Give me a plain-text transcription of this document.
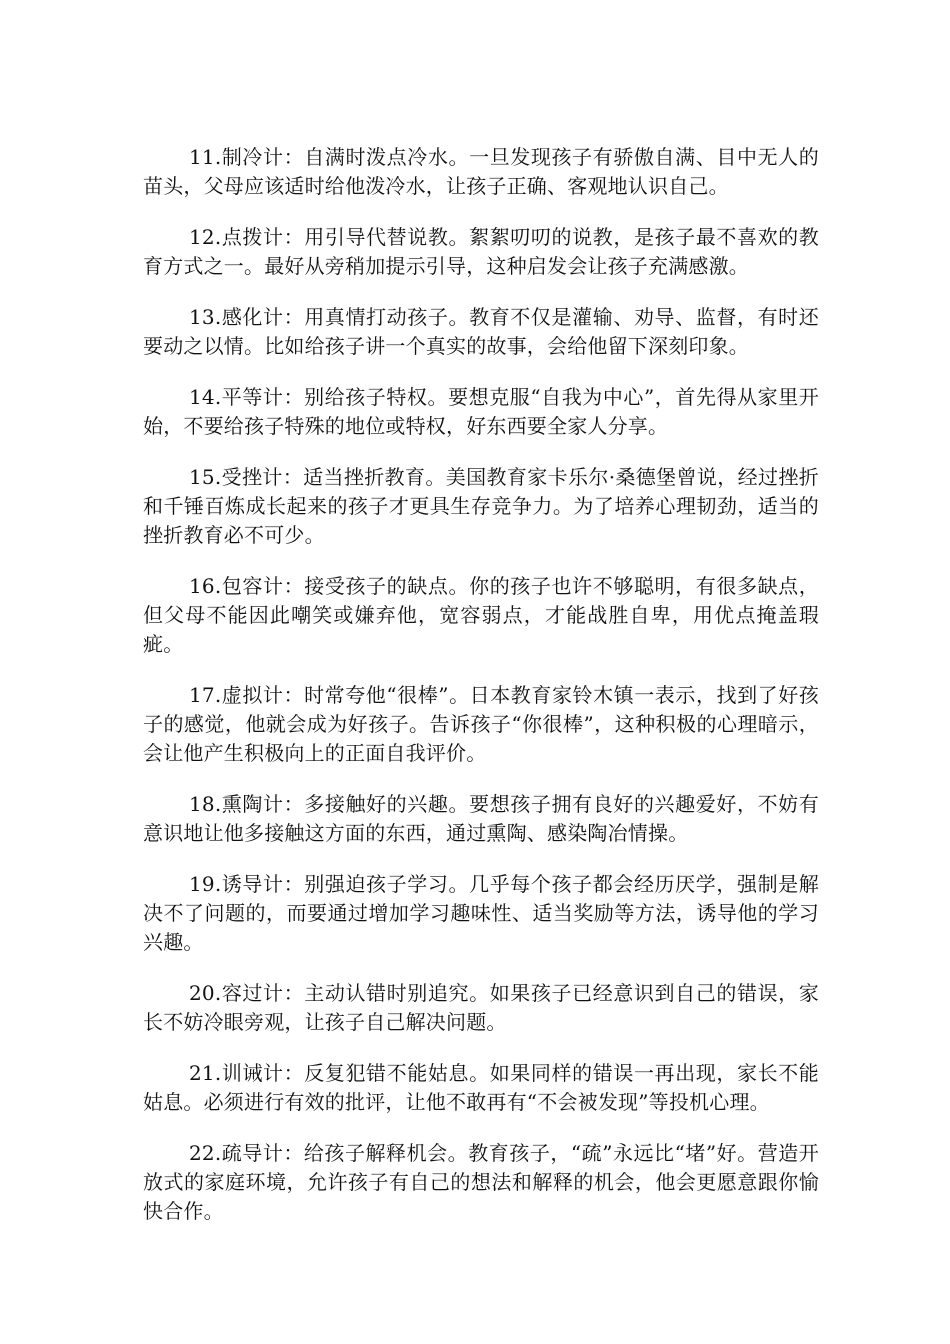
11.制冷计：自满时泼点冷水。一旦发现孩子有骄傲自满、目中无人的苗头，父母应该适时给他泼冷水，让孩子正确、客观地认识自己。

12.点拨计：用引导代替说教。絮絮叨叨的说教，是孩子最不喜欢的教育方式之一。最好从旁稍加提示引导，这种启发会让孩子充满感激。

13.感化计：用真情打动孩子。教育不仅是灌输、劝导、监督，有时还要动之以情。比如给孩子讲一个真实的故事，会给他留下深刻印象。

14.平等计：别给孩子特权。要想克服“自我为中心”，首先得从家里开始，不要给孩子特殊的地位或特权，好东西要全家人分享。

15.受挫计：适当挫折教育。美国教育家卡乐尔·桑德堡曾说，经过挫折和千锤百炼成长起来的孩子才更具生存竞争力。为了培养心理韧劲，适当的挫折教育必不可少。

16.包容计：接受孩子的缺点。你的孩子也许不够聪明，有很多缺点，但父母不能因此嘲笑或嫌弃他，宽容弱点，才能战胜自卑，用优点掩盖瑕疵。

17.虚拟计：时常夸他“很棒”。日本教育家铃木镇一表示，找到了好孩子的感觉，他就会成为好孩子。告诉孩子“你很棒”，这种积极的心理暗示，会让他产生积极向上的正面自我评价。

18.熏陶计：多接触好的兴趣。要想孩子拥有良好的兴趣爱好，不妨有意识地让他多接触这方面的东西，通过熏陶、感染陶冶情操。

19.诱导计：别强迫孩子学习。几乎每个孩子都会经历厌学，强制是解决不了问题的，而要通过增加学习趣味性、适当奖励等方法，诱导他的学习兴趣。

20.容过计：主动认错时别追究。如果孩子已经意识到自己的错误，家长不妨冷眼旁观，让孩子自己解决问题。

21.训诫计：反复犯错不能姑息。如果同样的错误一再出现，家长不能姑息。必须进行有效的批评，让他不敢再有“不会被发现”等投机心理。

22.疏导计：给孩子解释机会。教育孩子，“疏”永远比“堵”好。营造开放式的家庭环境，允许孩子有自己的想法和解释的机会，他会更愿意跟你愉快合作。
